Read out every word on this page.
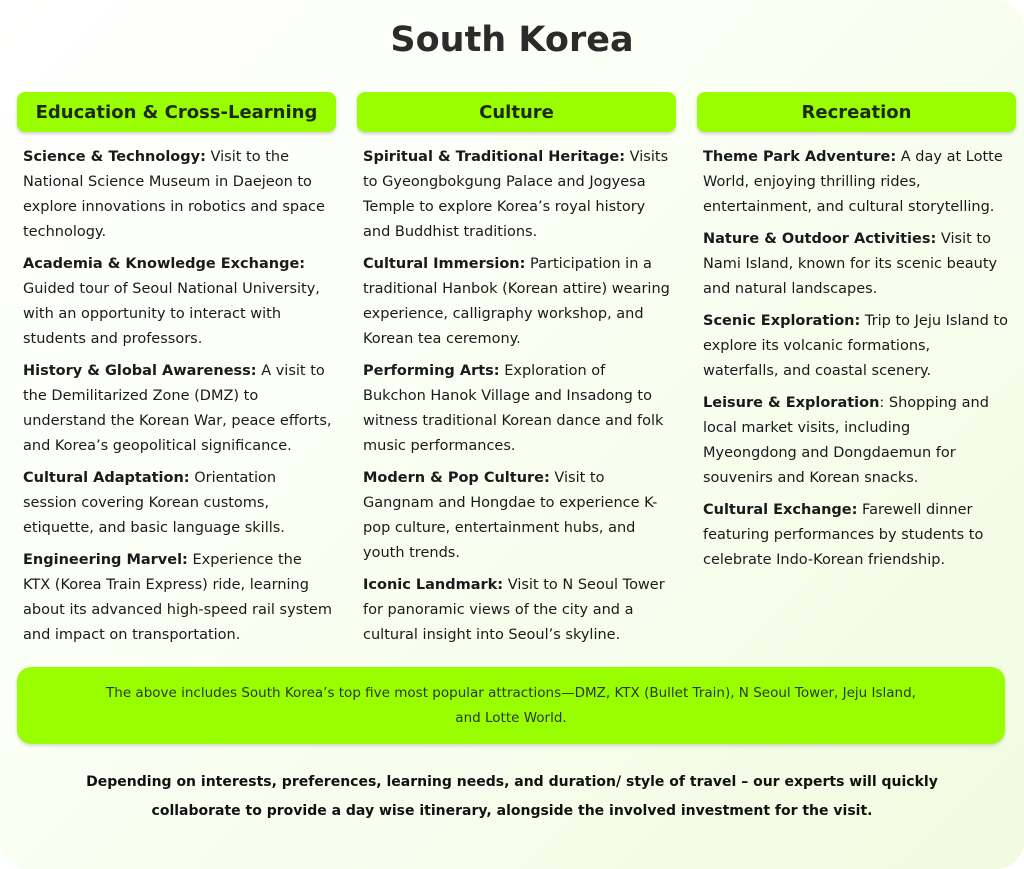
South Korea
Education & Cross-Learning	Culture	Recreation

Science & Technology: Visit to the National Science Museum in Daejeon to explore innovations in robotics and space technology.

Academia & Knowledge Exchange: Guided tour of Seoul National University, with an opportunity to interact with students and professors.

History & Global Awareness: A visit to the Demilitarized Zone (DMZ) to understand the Korean War, peace efforts, and Korea’s geopolitical significance.

Cultural Adaptation: Orientation session covering Korean customs, etiquette, and basic language skills.

Engineering Marvel: Experience the KTX (Korea Train Express) ride, learning about its advanced high-speed rail system and impact on transportation.

Spiritual & Traditional Heritage: Visits to Gyeongbokgung Palace and Jogyesa Temple to explore Korea’s royal history and Buddhist traditions.

Cultural Immersion: Participation in a traditional Hanbok (Korean attire) wearing experience, calligraphy workshop, and Korean tea ceremony.

Performing Arts: Exploration of Bukchon Hanok Village and Insadong to witness traditional Korean dance and folk music performances.

Modern & Pop Culture: Visit to Gangnam and Hongdae to experience K-pop culture, entertainment hubs, and youth trends.

Iconic Landmark: Visit to N Seoul Tower for panoramic views of the city and a cultural insight into Seoul’s skyline.

Theme Park Adventure: A day at Lotte World, enjoying thrilling rides, entertainment, and cultural storytelling.

Nature & Outdoor Activities: Visit to Nami Island, known for its scenic beauty and natural landscapes.

Scenic Exploration: Trip to Jeju Island to explore its volcanic formations, waterfalls, and coastal scenery.

Leisure & Exploration: Shopping and local market visits, including Myeongdong and Dongdaemun for souvenirs and Korean snacks.

Cultural Exchange: Farewell dinner featuring performances by students to celebrate Indo-Korean friendship.

The above includes South Korea’s top five most popular attractions—DMZ, KTX (Bullet Train), N Seoul Tower, Jeju Island, and Lotte World.

Depending on interests, preferences, learning needs, and duration/ style of travel – our experts will quickly collaborate to provide a day wise itinerary, alongside the involved investment for the visit.
